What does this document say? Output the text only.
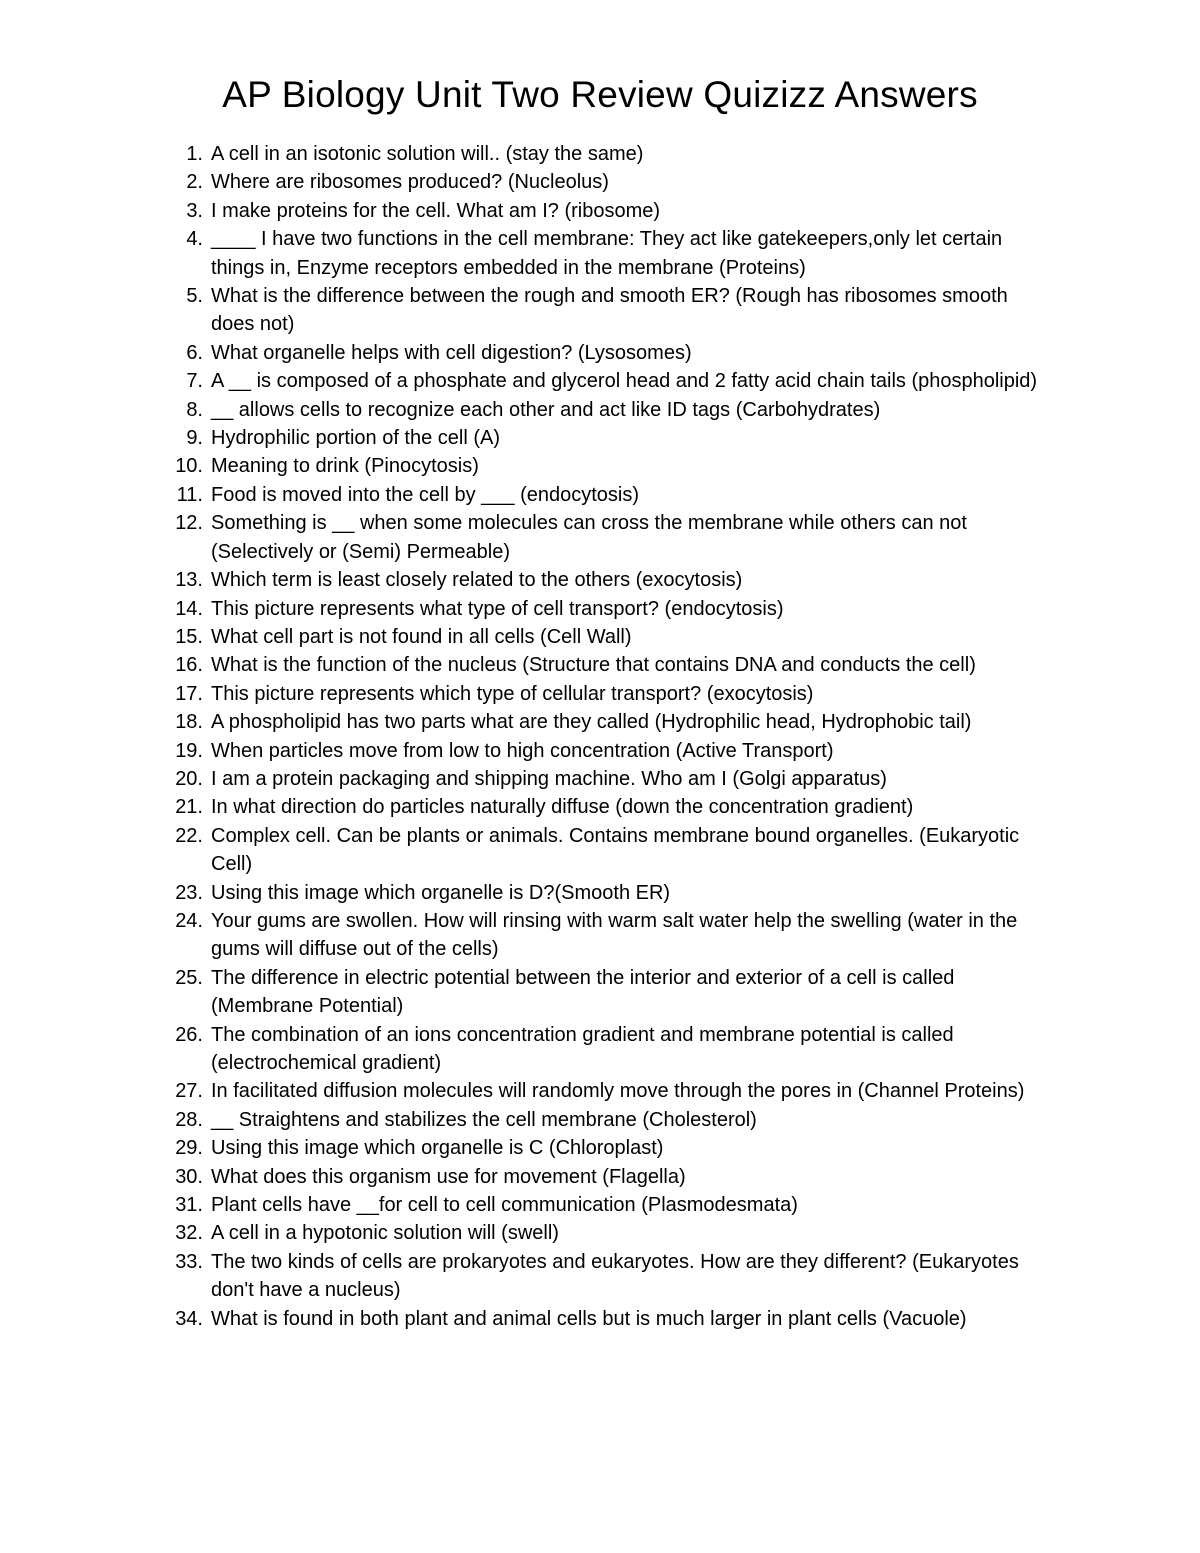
AP Biology Unit Two Review Quizizz Answers
1. A cell in an isotonic solution will.. (stay the same)
2. Where are ribosomes produced? (Nucleolus)
3. I make proteins for the cell. What am I? (ribosome)
4. ____ I have two functions in the cell membrane: They act like gatekeepers,only let certain things in, Enzyme receptors embedded in the membrane (Proteins)
5. What is the difference between the rough and smooth ER? (Rough has ribosomes smooth does not)
6. What organelle helps with cell digestion? (Lysosomes)
7. A __ is composed of a phosphate and glycerol head and 2 fatty acid chain tails (phospholipid)
8. __ allows cells to recognize each other and act like ID tags (Carbohydrates)
9. Hydrophilic portion of the cell (A)
10. Meaning to drink (Pinocytosis)
11. Food is moved into the cell by ___ (endocytosis)
12. Something is __ when some molecules can cross the membrane while others can not (Selectively or (Semi) Permeable)
13. Which term is least closely related to the others (exocytosis)
14. This picture represents what type of cell transport? (endocytosis)
15. What cell part is not found in all cells (Cell Wall)
16. What is the function of the nucleus (Structure that contains DNA and conducts the cell)
17. This picture represents which type of cellular transport? (exocytosis)
18. A phospholipid has two parts what are they called (Hydrophilic head, Hydrophobic tail)
19. When particles move from low to high concentration (Active Transport)
20. I am a protein packaging and shipping machine. Who am I (Golgi apparatus)
21. In what direction do particles naturally diffuse (down the concentration gradient)
22. Complex cell. Can be plants or animals. Contains membrane bound organelles. (Eukaryotic Cell)
23. Using this image which organelle is D?(Smooth ER)
24. Your gums are swollen. How will rinsing with warm salt water help the swelling (water in the gums will diffuse out of the cells)
25. The difference in electric potential between the interior and exterior of a cell is called (Membrane Potential)
26. The combination of an ions concentration gradient and membrane potential is called (electrochemical gradient)
27. In facilitated diffusion molecules will randomly move through the pores in (Channel Proteins)
28. __ Straightens and stabilizes the cell membrane (Cholesterol)
29. Using this image which organelle is C (Chloroplast)
30. What does this organism use for movement (Flagella)
31. Plant cells have __for cell to cell communication (Plasmodesmata)
32. A cell in a hypotonic solution will (swell)
33. The two kinds of cells are prokaryotes and eukaryotes. How are they different? (Eukaryotes don't have a nucleus)
34. What is found in both plant and animal cells but is much larger in plant cells (Vacuole)
